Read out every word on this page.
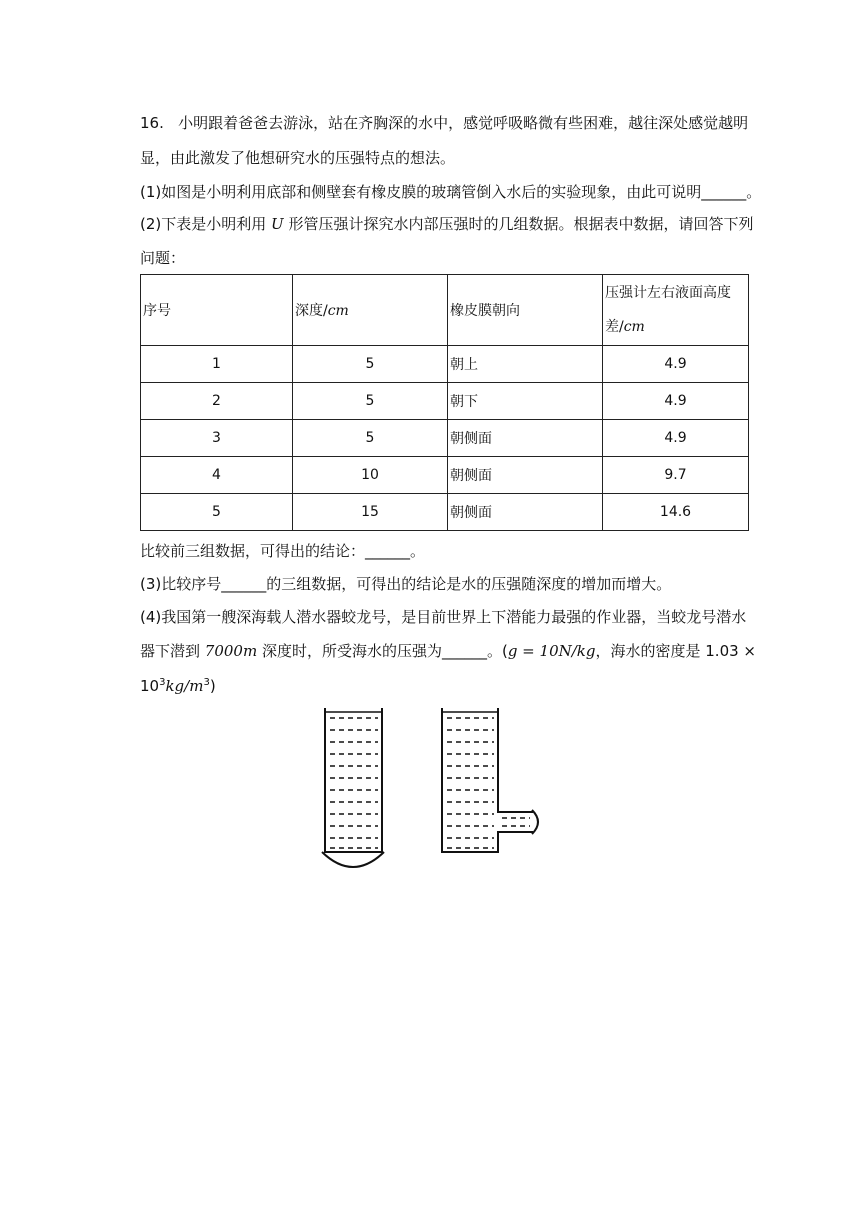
16. 小明跟着爸爸去游泳，站在齐胸深的水中，感觉呼吸略微有些困难，越往深处感觉越明
显，由此激发了他想研究水的压强特点的想法。
(1)如图是小明利用底部和侧壁套有橡皮膜的玻璃管倒入水后的实验现象，由此可说明______。
(2)下表是小明利用 U 形管压强计探究水内部压强时的几组数据。根据表中数据，请回答下列
问题：
序号	深度/cm	橡皮膜朝向	压强计左右液面高度
差/cm
1	5	朝上	4.9
2	5	朝下	4.9
3	5	朝侧面	4.9
4	10	朝侧面	9.7
5	15	朝侧面	14.6
比较前三组数据，可得出的结论：______。
(3)比较序号______的三组数据，可得出的结论是水的压强随深度的增加而增大。
(4)我国第一艘深海载人潜水器蛟龙号，是目前世界上下潜能力最强的作业器，当蛟龙号潜水
器下潜到 7000m 深度时，所受海水的压强为______。(g = 10N/kg，海水的密度是 1.03 ×
$10^3kg/m^3$)
